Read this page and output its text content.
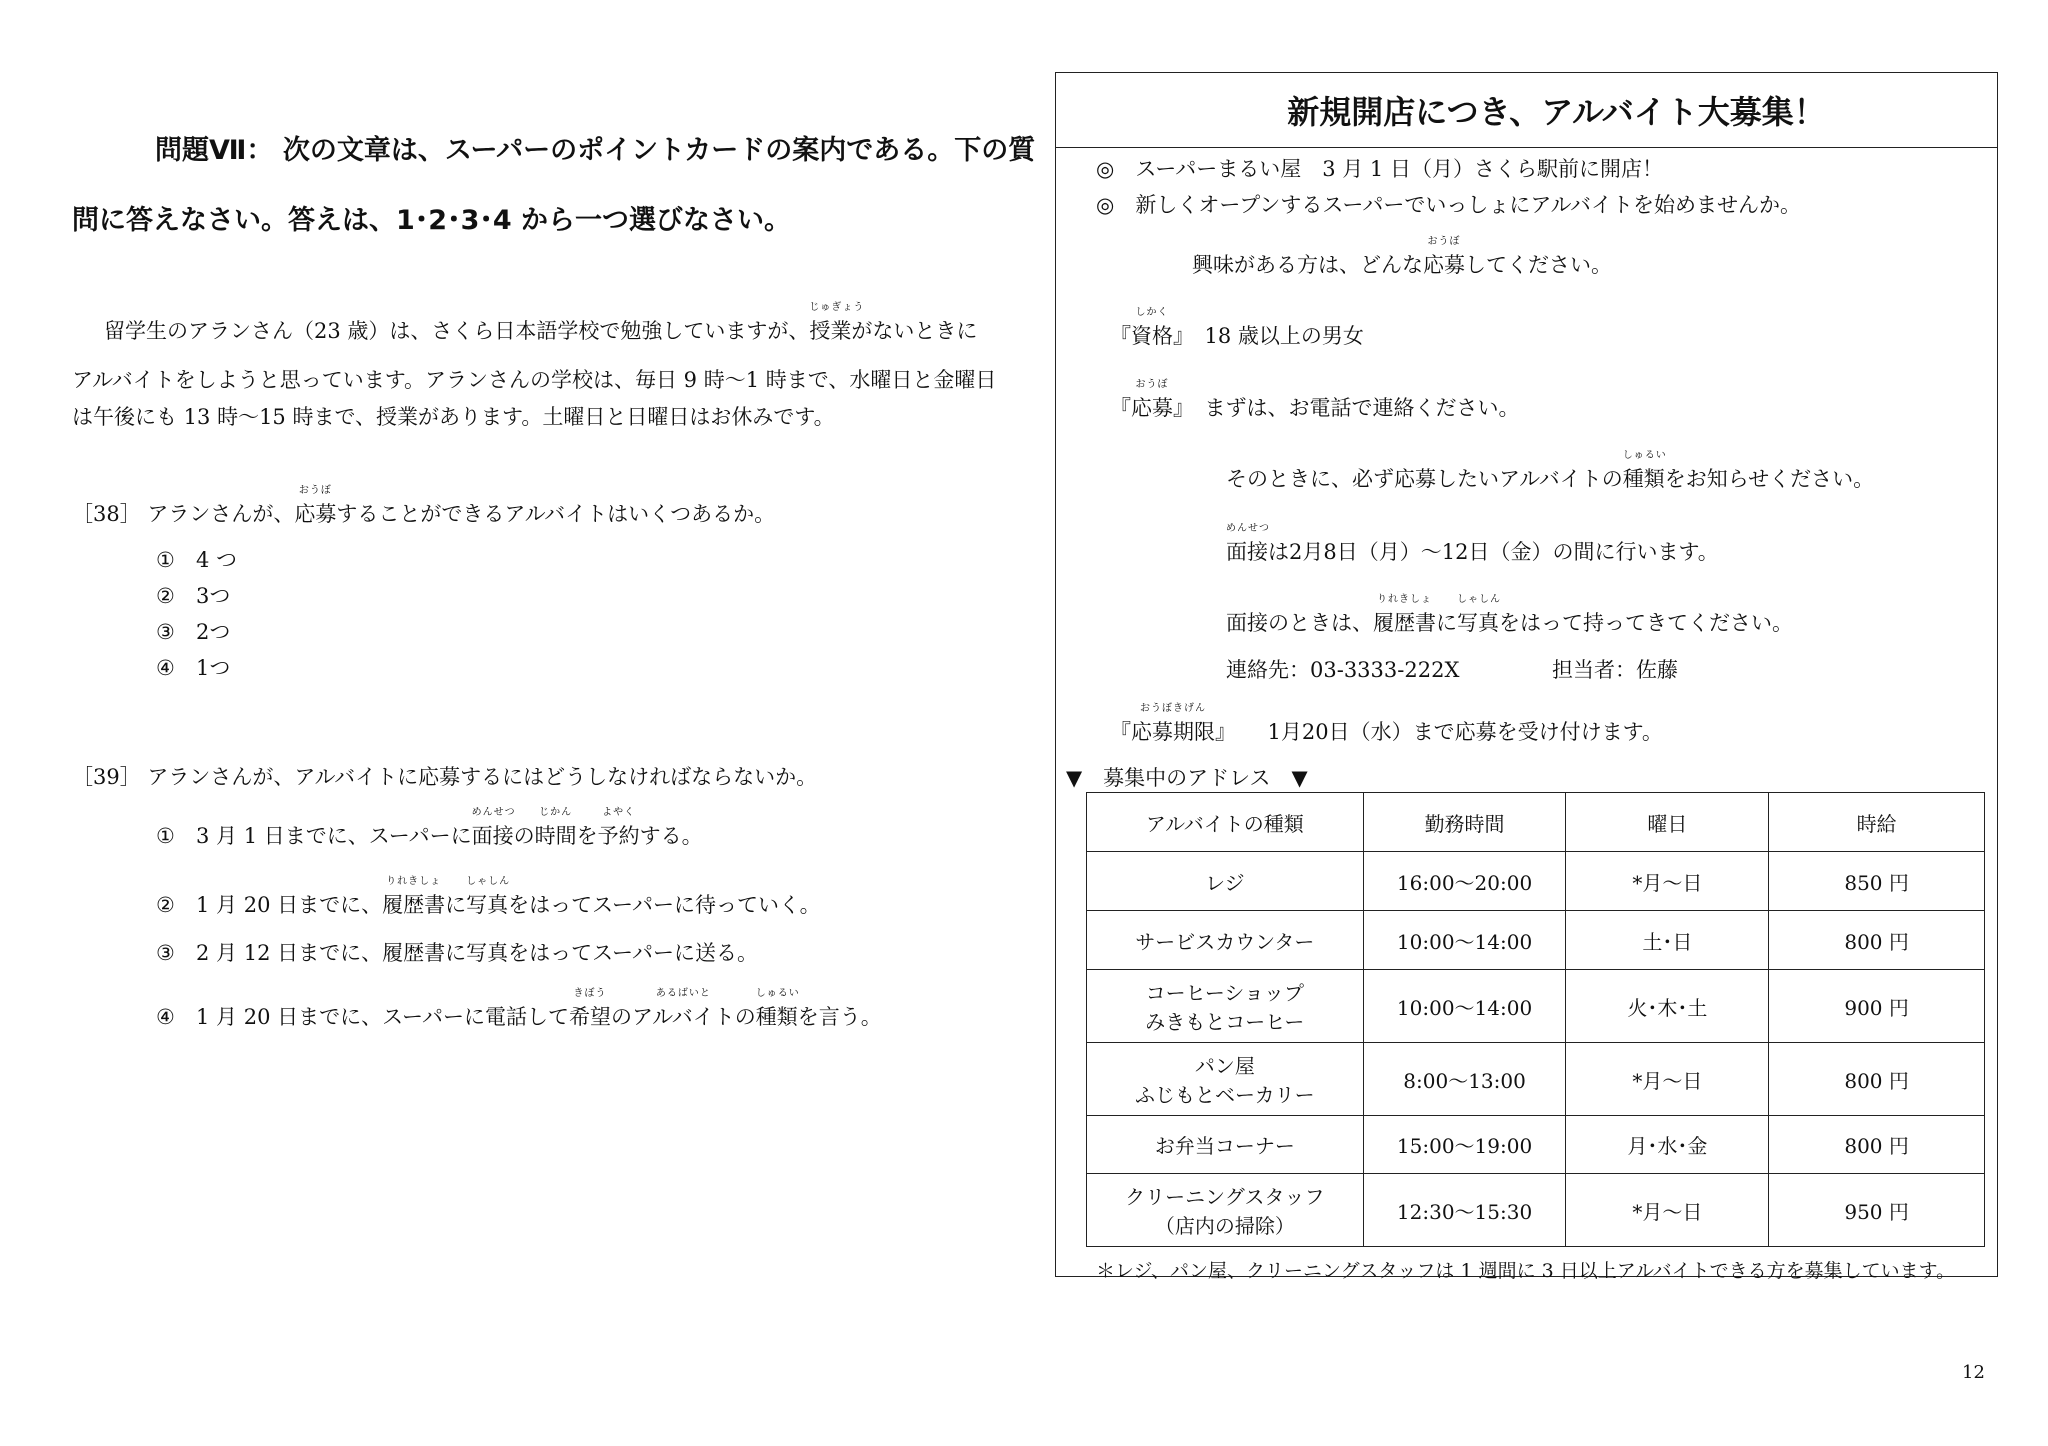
問題Ⅶ： 次の文章は、スーパーのポイントカードの案内である。下の質
問に答えなさい。答えは、1･2･3･4 から一つ選びなさい。
留学生のアランさん（23 歳）は、さくら日本語学校で勉強していますが、授業
じゅぎょう
がないときに
アルバイトをしようと思っています。アランさんの学校は、毎日 9 時～1 時まで、水曜日と金曜日
は午後にも 13 時～15 時まで、授業があります。土曜日と日曜日はお休みです。
［38］ アランさんが、応募
おうぼ
することができるアルバイトはいくつあるか。
① 4 つ
② 3つ
③ 2つ
④ 1つ
［39］ アランさんが、アルバイトに応募するにはどうしなければならないか。
① 3 月 1 日までに、スーパーに面接
めんせつ
の時間
じかん
を予約
よやく
する。
② 1 月 20 日までに、履歴書
りれきしょ
に写真
しゃしん
をはってスーパーに待っていく。
③ 2 月 12 日までに、履歴書に写真をはってスーパーに送る。
④ 1 月 20 日までに、スーパーに電話して希望
きぼう
のアルバイト
あるばいと
の種類
しゅるい
を言う。
新規開店につき、アルバイト大募集！
◎　スーパーまるい屋　3 月 1 日（月）さくら駅前に開店！
◎　新しくオープンするスーパーでいっしょにアルバイトを始めませんか。
興味がある方は、どんな応募
おうぼ
してください。
『資格
しかく
』　18 歳以上の男女
『応募
おうぼ
』　まずは、お電話で連絡ください。
そのときに、必ず応募したいアルバイトの種類
しゅるい
をお知らせください。
面接
めんせつ
は2月8日（月）～12日（金）の間に行います。
面接のときは、履歴書
りれきしょ
に写真
しゃしん
をはって持ってきてください。
連絡先：03-3333-222X	担当者：佐藤
『応募期限
おうぼきげん
』　　1月20日（水）まで応募を受け付けます。
▼　募集中のアドレス　▼
アルバイトの種類	勤務時間	曜日	時給

レジ	16:00～20:00	*月～日	850 円

サービスカウンター	10:00～14:00	土･日	800 円

コーヒーショップ
みきもとコーヒー	10:00～14:00	火･木･土	900 円

パン屋
ふじもとベーカリー	8:00～13:00	*月～日	800 円

お弁当コーナー	15:00～19:00	月･水･金	800 円

クリーニングスタッフ
（店内の掃除）	12:30～15:30	*月～日	950 円
＊レジ、パン屋、クリーニングスタッフは 1 週間に 3 日以上アルバイトできる方を募集しています。
12
